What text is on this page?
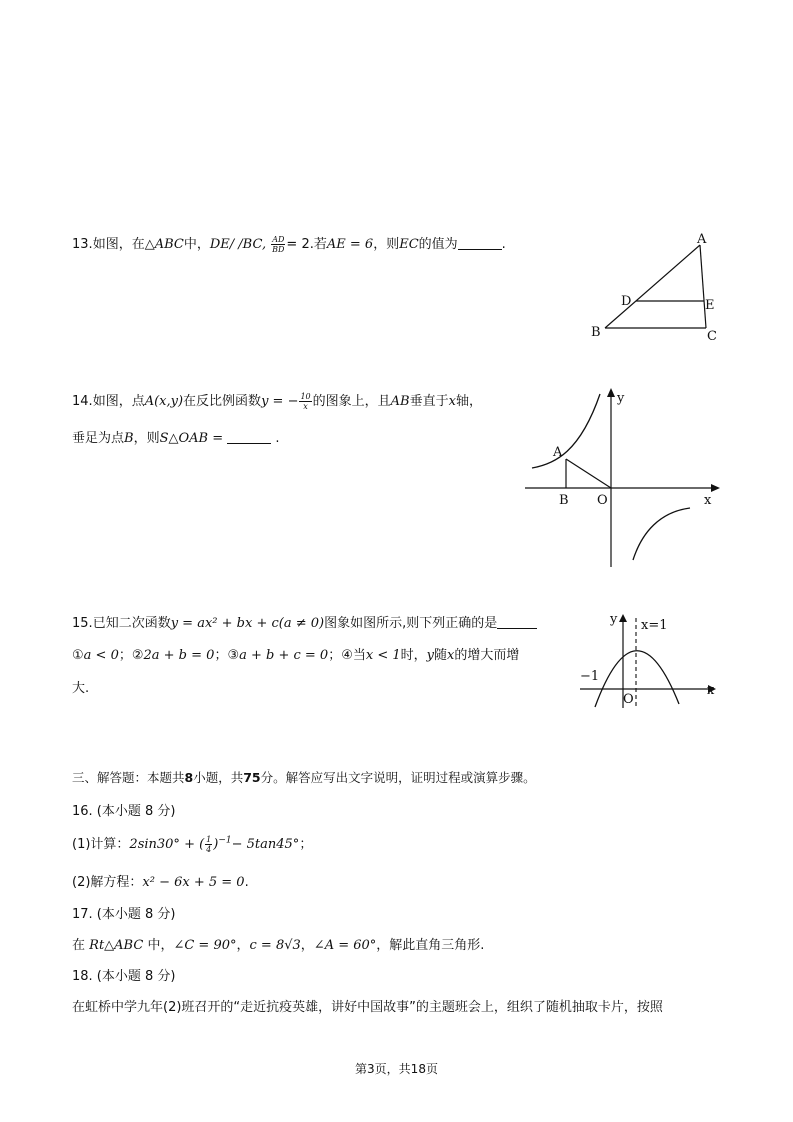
13.如图，在△ABC中，DE/ /BC, $\frac{AD}{BD} = 2$.若AE = 6，则EC的值为	.	A
D	E
B	C
14.如图，点A(x,y)在反比例函数y = − $\frac{10}{x}$ 的图象上，且AB垂直于x轴，
垂足为点B，则S△OAB =	.
y
A
B O	x
15.已知二次函数y = ax² + bx + c(a ≠ 0)图象如图所示,则下列正确的是
①a < 0；②2a + b = 0；③a + b + c = 0；④当x < 1时，y随x的增大而增
大.
y x=1
−1
O
x
三、解答题：本题共8小题，共75分。解答应写出文字说明，证明过程或演算步骤。
16. (本小题 8 分)
(1)计算：2sin30° + ( $\frac{1}{4} )^{-1}- 5\tan 45^\circ$；
(2)解方程：x² − 6x + 5 = 0.
17. (本小题 8 分)
在 Rt△ABC 中，∠C = 90°，c = 8√3，∠A = 60°，解此直角三角形.
18. (本小题 8 分)
在虹桥中学九年(2)班召开的“走近抗疫英雄，讲好中国故事”的主题班会上，组织了随机抽取卡片，按照
第3页，共18页
